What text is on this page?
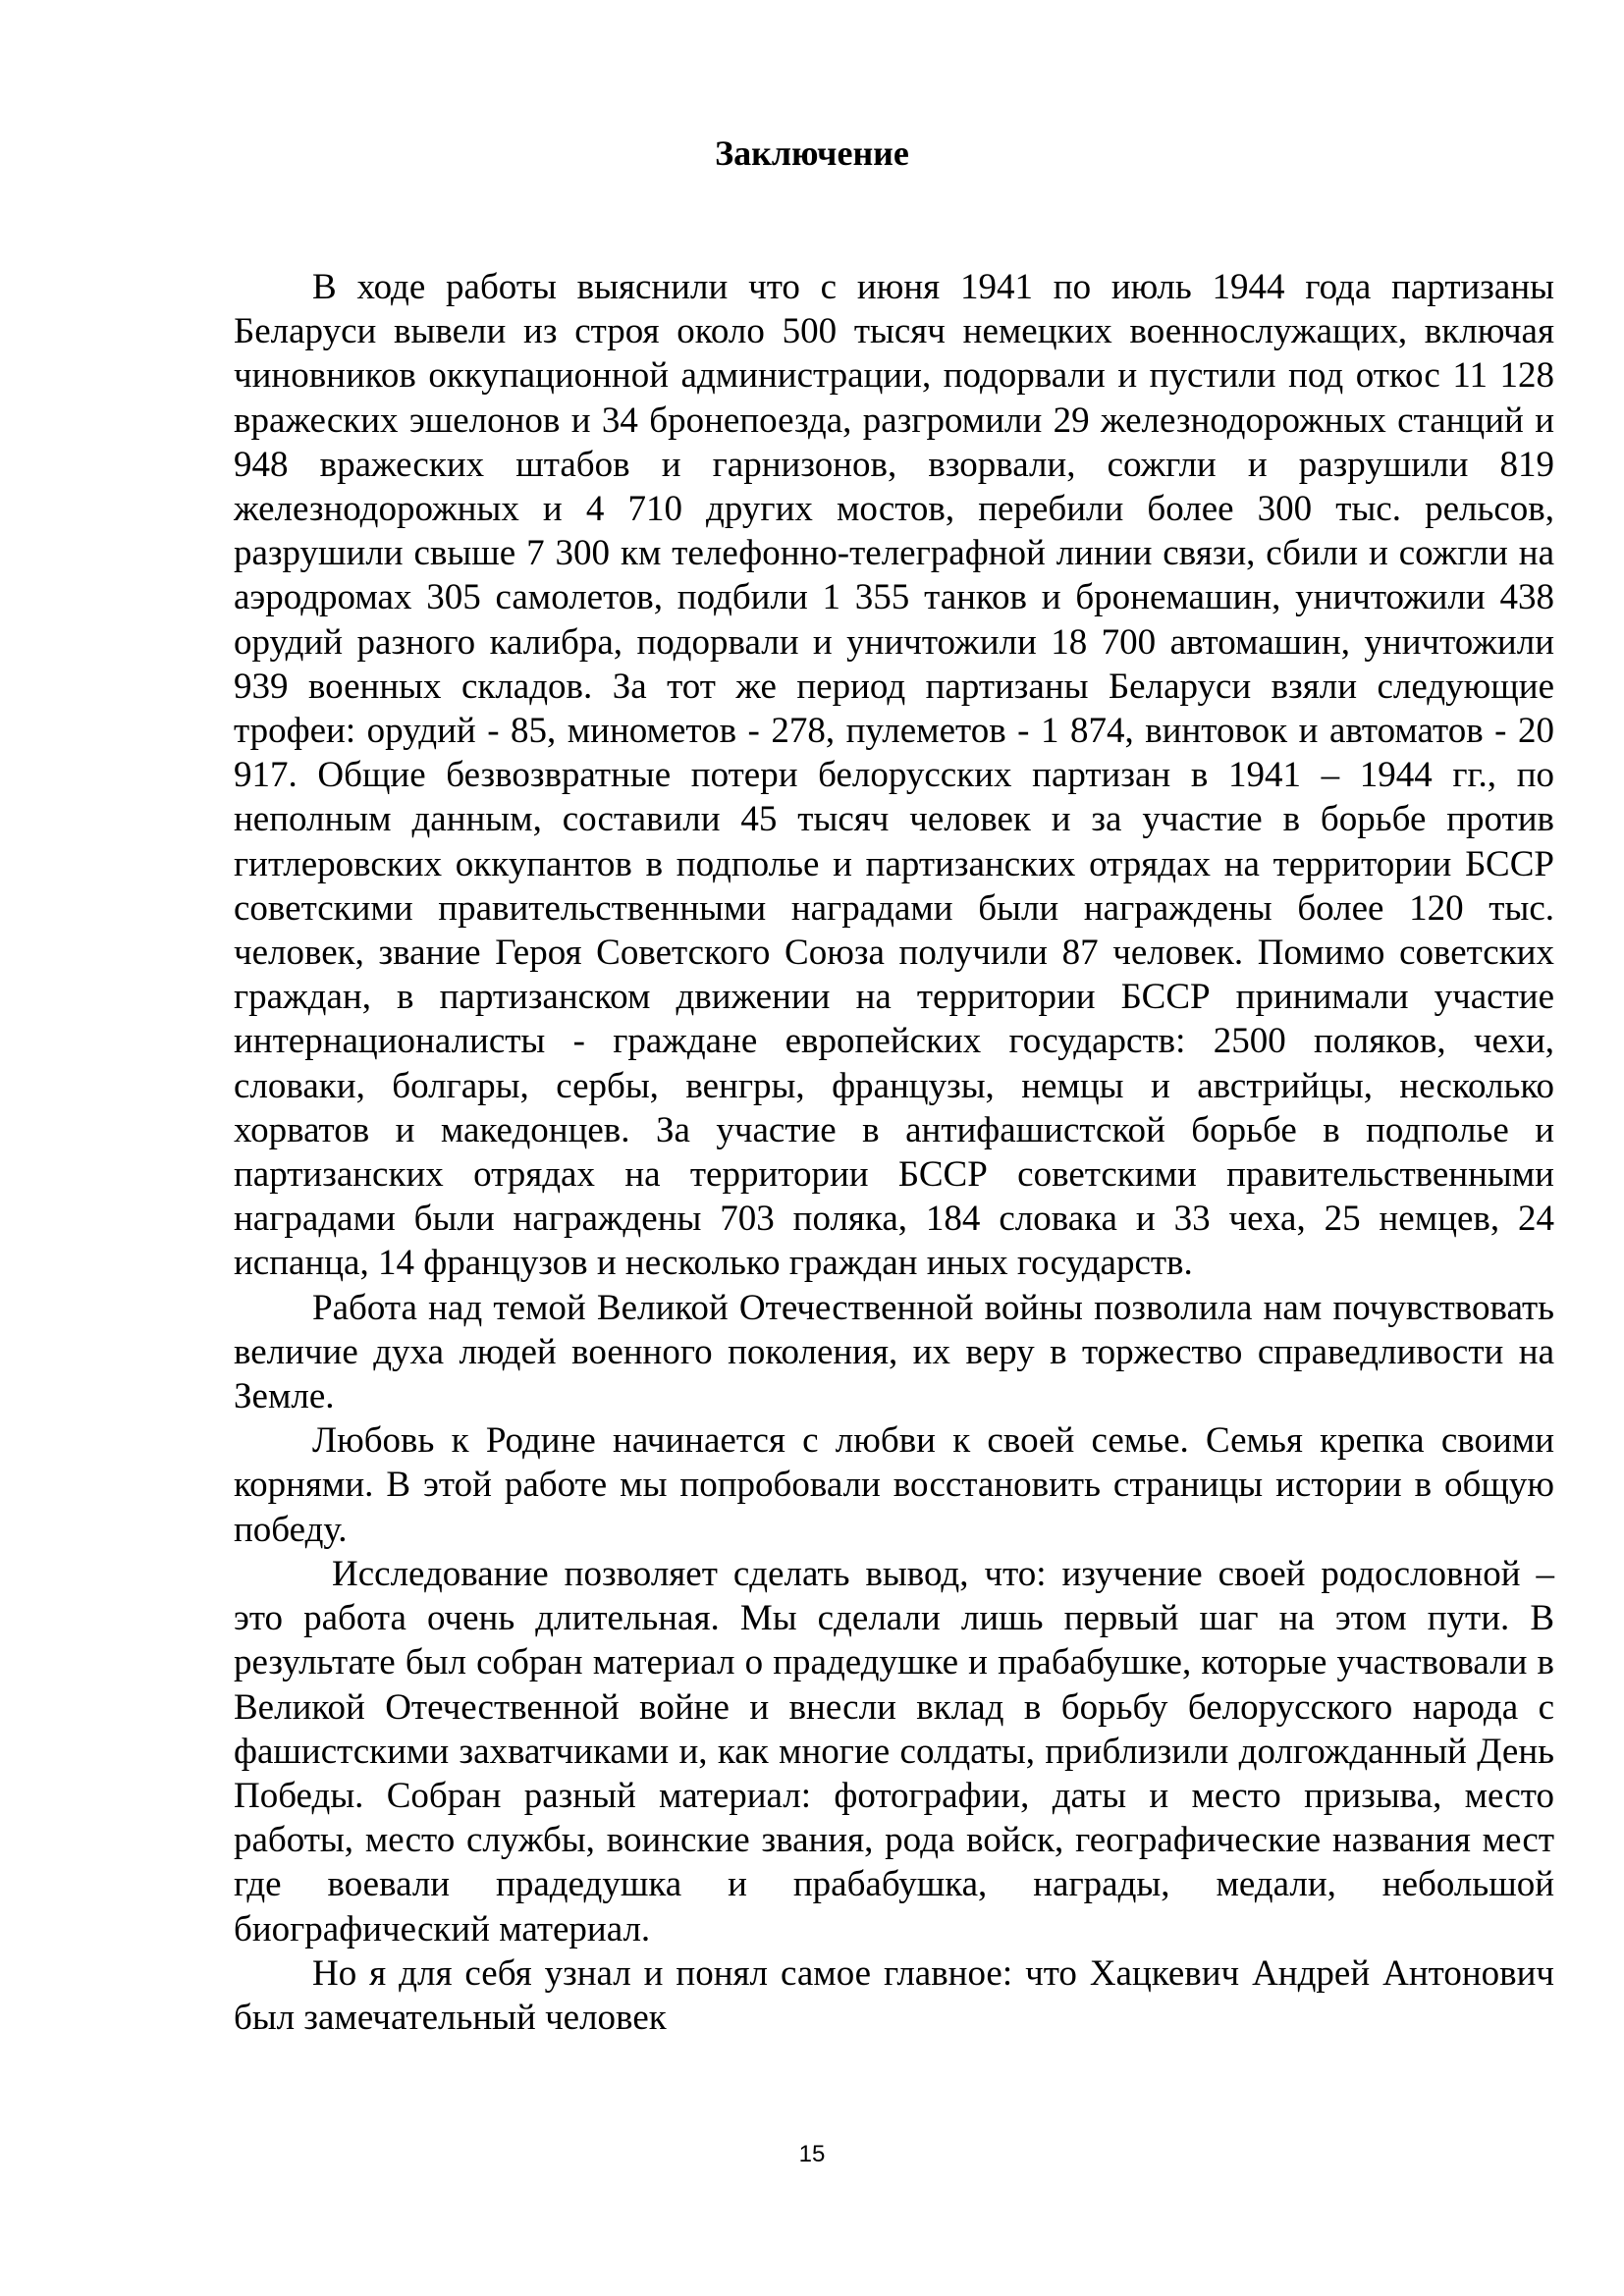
Заключение

В ходе работы выяснили что с июня 1941 по июль 1944 года партизаны Беларуси вывели из строя около 500 тысяч немецких военнослужащих, включая чиновников оккупационной администрации, подорвали и пустили под откос 11 128 вражеских эшелонов и 34 бронепоезда, разгромили 29 железнодорожных станций и 948 вражеских штабов и гарнизонов, взорвали, сожгли и разрушили 819 железнодорожных и 4 710 других мостов, перебили более 300 тыс. рельсов, разрушили свыше 7 300 км телефонно-телеграфной линии связи, сбили и сожгли на аэродромах 305 самолетов, подбили 1 355 танков и бронемашин, уничтожили 438 орудий разного калибра, подорвали и уничтожили 18 700 автомашин, уничтожили 939 военных складов. За тот же период партизаны Беларуси взяли следующие трофеи: орудий - 85, минометов - 278, пулеметов - 1 874, винтовок и автоматов - 20 917. Общие безвозвратные потери белорусских партизан в 1941 – 1944 гг., по неполным данным, составили 45 тысяч человек и за участие в борьбе против гитлеровских оккупантов в подполье и партизанских отрядах на территории БССР советскими правительственными наградами были награждены более 120 тыс. человек, звание Героя Советского Союза получили 87 человек. Помимо советских граждан, в партизанском движении на территории БССР принимали участие интернационалисты - граждане европейских государств: 2500 поляков, чехи, словаки, болгары, сербы, венгры, французы, немцы и австрийцы, несколько хорватов и македонцев. За участие в антифашистской борьбе в подполье и партизанских отрядах на территории БССР советскими правительственными наградами были награждены 703 поляка, 184 словака и 33 чеха, 25 немцев, 24 испанца, 14 французов и несколько граждан иных государств.

Работа над темой Великой Отечественной войны позволила нам почувствовать величие духа людей военного поколения, их веру в торжество справедливости на Земле.

Любовь к Родине начинается с любви к своей семье. Семья крепка своими корнями. В этой работе мы попробовали восстановить страницы истории в общую победу.

Исследование позволяет сделать вывод, что: изучение своей родословной – это работа очень длительная. Мы сделали лишь первый шаг на этом пути. В результате был собран материал о прадедушке и прабабушке, которые участвовали в Великой Отечественной войне и внесли вклад в борьбу белорусского народа с фашистскими захватчиками и, как многие солдаты, приблизили долгожданный День Победы. Собран разный материал: фотографии, даты и место призыва, место работы, место службы, воинские звания, рода войск, географические названия мест где воевали прадедушка и прабабушка, награды, медали, небольшой биографический материал.

Но я для себя узнал и понял самое главное: что Хацкевич Андрей Антонович был замечательный человек

15
